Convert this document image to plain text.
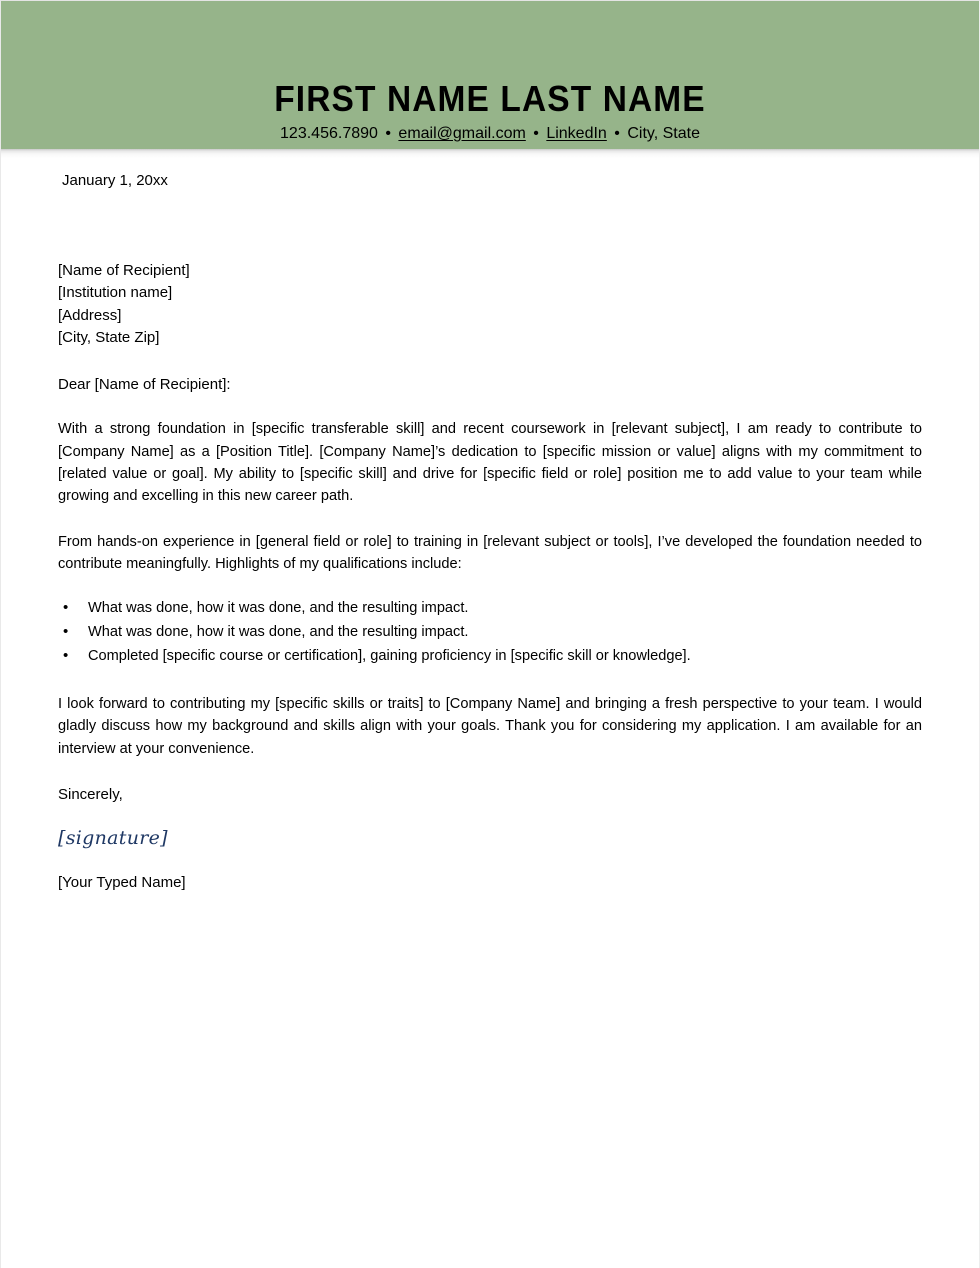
FIRST NAME LAST NAME
123.456.7890 • email@gmail.com • LinkedIn • City, State
January 1, 20xx
[Name of Recipient]
[Institution name]
[Address]
[City, State Zip]
Dear [Name of Recipient]:

With a strong foundation in [specific transferable skill] and recent coursework in [relevant subject], I am ready to contribute to [Company Name] as a [Position Title]. [Company Name]’s dedication to [specific mission or value] aligns with my commitment to [related value or goal]. My ability to [specific skill] and drive for [specific field or role] position me to add value to your team while growing and excelling in this new career path.

From hands-on experience in [general field or role] to training in [relevant subject or tools], I’ve developed the foundation needed to contribute meaningfully. Highlights of my qualifications include:

• What was done, how it was done, and the resulting impact.
• What was done, how it was done, and the resulting impact.
• Completed [specific course or certification], gaining proficiency in [specific skill or knowledge].

I look forward to contributing my [specific skills or traits] to [Company Name] and bringing a fresh perspective to your team. I would gladly discuss how my background and skills align with your goals. Thank you for considering my application. I am available for an interview at your convenience.

Sincerely,
[signature]
[Your Typed Name]
